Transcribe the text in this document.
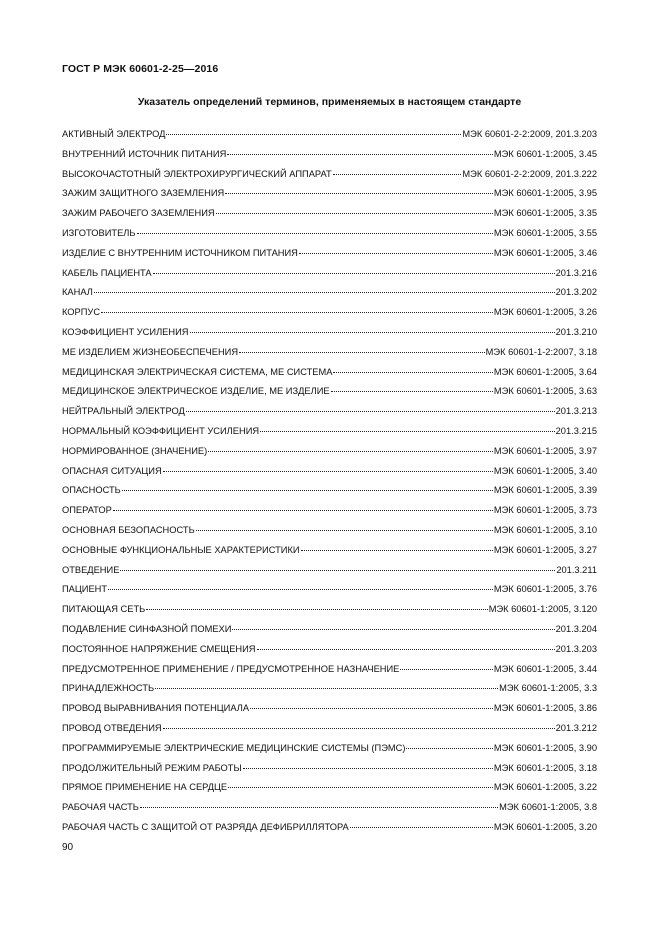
ГОСТ Р МЭК 60601-2-25—2016
Указатель определений терминов, применяемых в настоящем стандарте
АКТИВНЫЙ ЭЛЕКТРОД	МЭК 60601-2-2:2009, 201.3.203
ВНУТРЕННИЙ ИСТОЧНИК ПИТАНИЯ	МЭК 60601-1:2005, 3.45
ВЫСОКОЧАСТОТНЫЙ ЭЛЕКТРОХИРУРГИЧЕСКИЙ АППАРАТ	МЭК 60601-2-2:2009, 201.3.222
ЗАЖИМ ЗАЩИТНОГО ЗАЗЕМЛЕНИЯ	МЭК 60601-1:2005, 3.95
ЗАЖИМ РАБОЧЕГО ЗАЗЕМЛЕНИЯ	МЭК 60601-1:2005, 3.35
ИЗГОТОВИТЕЛЬ	МЭК 60601-1:2005, 3.55
ИЗДЕЛИЕ С ВНУТРЕННИМ ИСТОЧНИКОМ ПИТАНИЯ	МЭК 60601-1:2005, 3.46
КАБЕЛЬ ПАЦИЕНТА	201.3.216
КАНАЛ	201.3.202
КОРПУС	МЭК 60601-1:2005, 3.26
КОЭФФИЦИЕНТ УСИЛЕНИЯ	201.3.210
МЕ ИЗДЕЛИЕМ ЖИЗНЕОБЕСПЕЧЕНИЯ	МЭК 60601-1-2:2007, 3.18
МЕДИЦИНСКАЯ ЭЛЕКТРИЧЕСКАЯ СИСТЕМА, МЕ СИСТЕМА	МЭК 60601-1:2005, 3.64
МЕДИЦИНСКОЕ ЭЛЕКТРИЧЕСКОЕ ИЗДЕЛИЕ, МЕ ИЗДЕЛИЕ	МЭК 60601-1:2005, 3.63
НЕЙТРАЛЬНЫЙ ЭЛЕКТРОД	201.3.213
НОРМАЛЬНЫЙ КОЭФФИЦИЕНТ УСИЛЕНИЯ	201.3.215
НОРМИРОВАННОЕ (ЗНАЧЕНИЕ)	МЭК 60601-1:2005, 3.97
ОПАСНАЯ СИТУАЦИЯ	МЭК 60601-1:2005, 3.40
ОПАСНОСТЬ	МЭК 60601-1:2005, 3.39
ОПЕРАТОР	МЭК 60601-1:2005, 3.73
ОСНОВНАЯ БЕЗОПАСНОСТЬ	МЭК 60601-1:2005, 3.10
ОСНОВНЫЕ ФУНКЦИОНАЛЬНЫЕ ХАРАКТЕРИСТИКИ	МЭК 60601-1:2005, 3.27
ОТВЕДЕНИЕ	201.3.211
ПАЦИЕНТ	МЭК 60601-1:2005, 3.76
ПИТАЮЩАЯ СЕТЬ	МЭК 60601-1:2005, 3.120
ПОДАВЛЕНИЕ СИНФАЗНОЙ ПОМЕХИ	201.3.204
ПОСТОЯННОЕ НАПРЯЖЕНИЕ СМЕЩЕНИЯ	201.3.203
ПРЕДУСМОТРЕННОЕ ПРИМЕНЕНИЕ / ПРЕДУСМОТРЕННОЕ НАЗНАЧЕНИЕ	МЭК 60601-1:2005, 3.44
ПРИНАДЛЕЖНОСТЬ	МЭК 60601-1:2005, 3.3
ПРОВОД ВЫРАВНИВАНИЯ ПОТЕНЦИАЛА	МЭК 60601-1:2005, 3.86
ПРОВОД ОТВЕДЕНИЯ	201.3.212
ПРОГРАММИРУЕМЫЕ ЭЛЕКТРИЧЕСКИЕ МЕДИЦИНСКИЕ СИСТЕМЫ (ПЭМС)	МЭК 60601-1:2005, 3.90
ПРОДОЛЖИТЕЛЬНЫЙ РЕЖИМ РАБОТЫ	МЭК 60601-1:2005, 3.18
ПРЯМОЕ ПРИМЕНЕНИЕ НА СЕРДЦЕ	МЭК 60601-1:2005, 3.22
РАБОЧАЯ ЧАСТЬ	МЭК 60601-1:2005, 3.8
РАБОЧАЯ ЧАСТЬ С ЗАЩИТОЙ ОТ РАЗРЯДА ДЕФИБРИЛЛЯТОРА	МЭК 60601-1:2005, 3.20
90
